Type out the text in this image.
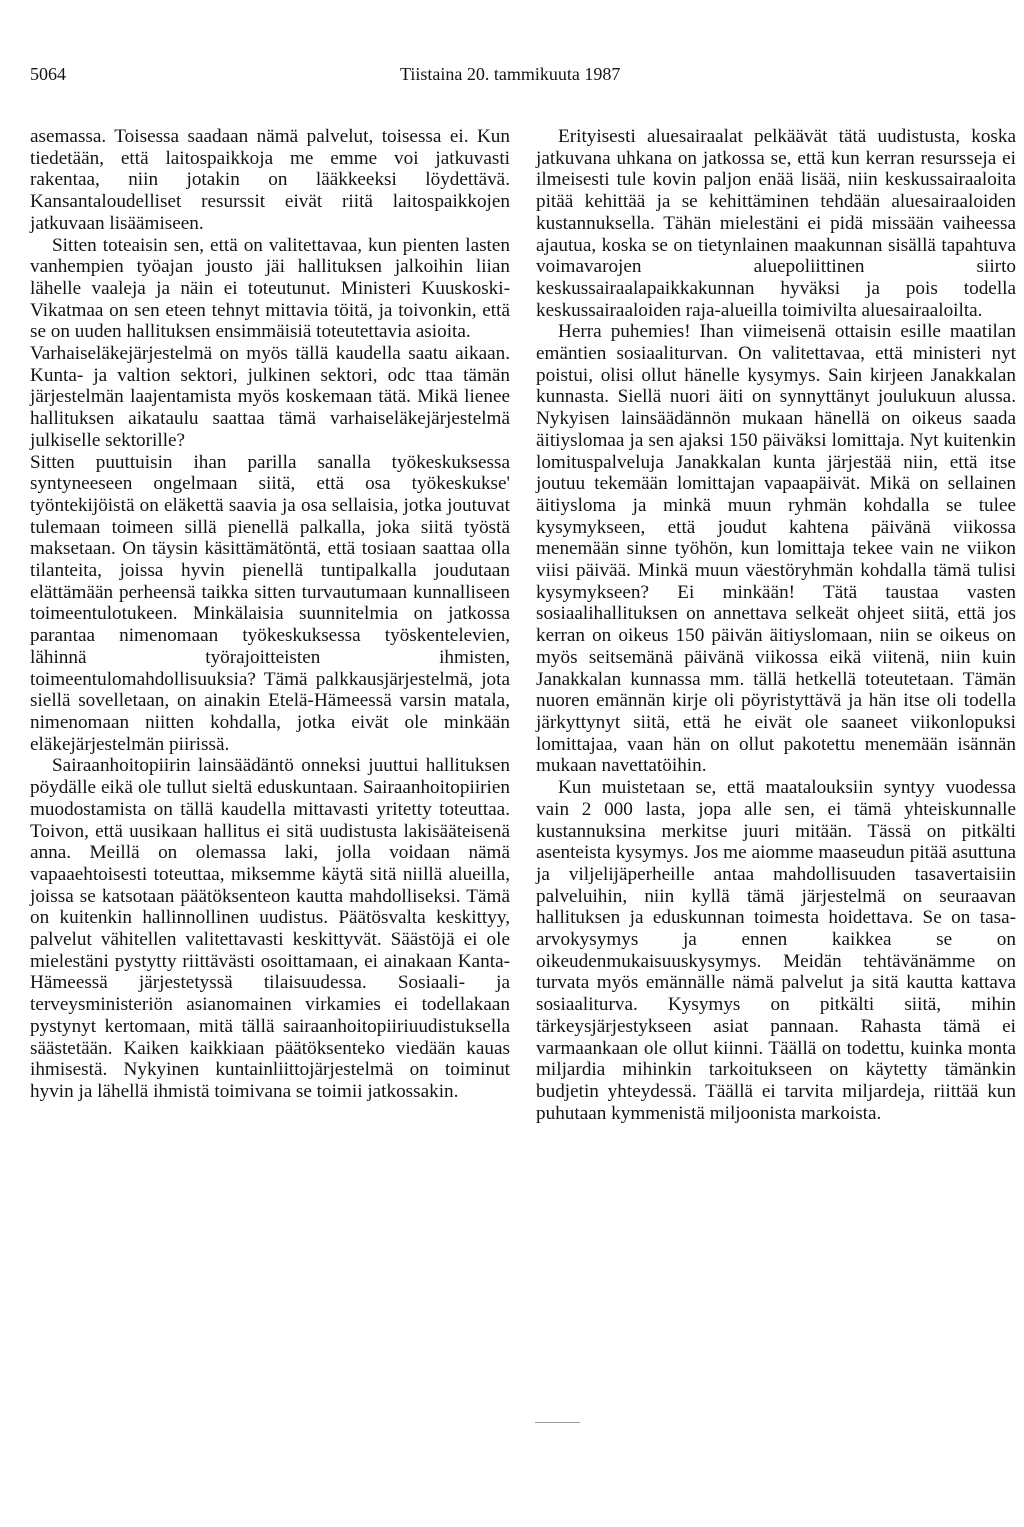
5064	Tiistaina 20. tammikuuta 1987

asemassa. Toisessa saadaan nämä palvelut, toisessa ei. Kun tiedetään, että laitospaikkoja me emme voi jatkuvasti rakentaa, niin jotakin on lääkkeeksi löydettävä. Kansantaloudelliset resurssit eivät riitä laitospaikkojen jatkuvaan lisäämiseen.

Sitten toteaisin sen, että on valitettavaa, kun pienten lasten vanhempien työajan jousto jäi hallituksen jalkoihin liian lähelle vaaleja ja näin ei toteutunut. Ministeri Kuuskoski-Vikatmaa on sen eteen tehnyt mittavia töitä, ja toivonkin, että se on uuden hallituksen ensimmäisiä toteutettavia asioita.

Varhaiseläkejärjestelmä on myös tällä kaudella saatu aikaan. Kunta- ja valtion sektori, julkinen sektori, odc ttaa tämän järjestelmän laajentamista myös koskemaan tätä. Mikä lienee hallituksen aikataulu saattaa tämä varhaiseläkejärjestelmä julkiselle sektorille?

Sitten puuttuisin ihan parilla sanalla työkeskuksessa syntyneeseen ongelmaan siitä, että osa työkeskukse' työntekijöistä on eläkettä saavia ja osa sellaisia, jotka joutuvat tulemaan toimeen sillä pienellä palkalla, joka siitä työstä maksetaan. On täysin käsittämätöntä, että tosiaan saattaa olla tilanteita, joissa hyvin pienellä tuntipalkalla joudutaan elättämään perheensä taikka sitten turvautumaan kunnalliseen toimeentulotukeen. Minkälaisia suunnitelmia on jatkossa parantaa nimenomaan työkeskuksessa työskentelevien, lähinnä työrajoitteisten ihmisten, toimeentulomahdollisuuksia? Tämä palkkausjärjestelmä, jota siellä sovelletaan, on ainakin Etelä-Hämeessä varsin matala, nimenomaan niitten kohdalla, jotka eivät ole minkään eläkejärjestelmän piirissä.

Sairaanhoitopiirin lainsäädäntö onneksi juuttui hallituksen pöydälle eikä ole tullut sieltä eduskuntaan. Sairaanhoitopiirien muodostamista on tällä kaudella mittavasti yritetty toteuttaa. Toivon, että uusikaan hallitus ei sitä uudistusta lakisääteisenä anna. Meillä on olemassa laki, jolla voidaan nämä vapaaehtoisesti toteuttaa, miksemme käytä sitä niillä alueilla, joissa se katsotaan päätöksenteon kautta mahdolliseksi. Tämä on kuitenkin hallinnollinen uudistus. Päätösvalta keskittyy, palvelut vähitellen valitettavasti keskittyvät. Säästöjä ei ole mielestäni pystytty riittävästi osoittamaan, ei ainakaan Kanta-Hämeessä järjestetyssä tilaisuudessa. Sosiaali- ja terveysministeriön asianomainen virkamies ei todellakaan pystynyt kertomaan, mitä tällä sairaanhoitopiiriuudistuksella säästetään. Kaiken kaikkiaan päätöksenteko viedään kauas ihmisestä. Nykyinen kuntainliittojärjestelmä on toiminut hyvin ja lähellä ihmistä toimivana se toimii jatkossakin.

Erityisesti aluesairaalat pelkäävät tätä uudistusta, koska jatkuvana uhkana on jatkossa se, että kun kerran resursseja ei ilmeisesti tule kovin paljon enää lisää, niin keskussairaaloita pitää kehittää ja se kehittäminen tehdään aluesairaaloiden kustannuksella. Tähän mielestäni ei pidä missään vaiheessa ajautua, koska se on tietynlainen maakunnan sisällä tapahtuva voimavarojen aluepoliittinen siirto keskussairaalapaikkakunnan hyväksi ja pois todella keskussairaaloiden raja-alueilla toimivilta aluesairaaloilta.

Herra puhemies! Ihan viimeisenä ottaisin esille maatilan emäntien sosiaaliturvan. On valitettavaa, että ministeri nyt poistui, olisi ollut hänelle kysymys. Sain kirjeen Janakkalan kunnasta. Siellä nuori äiti on synnyttänyt joulukuun alussa. Nykyisen lainsäädännön mukaan hänellä on oikeus saada äitiyslomaa ja sen ajaksi 150 päiväksi lomittaja. Nyt kuitenkin lomituspalveluja Janakkalan kunta järjestää niin, että itse joutuu tekemään lomittajan vapaapäivät. Mikä on sellainen äitiysloma ja minkä muun ryhmän kohdalla se tulee kysymykseen, että joudut kahtena päivänä viikossa menemään sinne työhön, kun lomittaja tekee vain ne viikon viisi päivää. Minkä muun väestöryhmän kohdalla tämä tulisi kysymykseen? Ei minkään! Tätä taustaa vasten sosiaalihallituksen on annettava selkeät ohjeet siitä, että jos kerran on oikeus 150 päivän äitiyslomaan, niin se oikeus on myös seitsemänä päivänä viikossa eikä viitenä, niin kuin Janakkalan kunnassa mm. tällä hetkellä toteutetaan. Tämän nuoren emännän kirje oli pöyristyttävä ja hän itse oli todella järkyttynyt siitä, että he eivät ole saaneet viikonlopuksi lomittajaa, vaan hän on ollut pakotettu menemään isännän mukaan navettatöihin.

Kun muistetaan se, että maatalouksiin syntyy vuodessa vain 2 000 lasta, jopa alle sen, ei tämä yhteiskunnalle kustannuksina merkitse juuri mitään. Tässä on pitkälti asenteista kysymys. Jos me aiomme maaseudun pitää asuttuna ja viljelijäperheille antaa mahdollisuuden tasavertaisiin palveluihin, niin kyllä tämä järjestelmä on seuraavan hallituksen ja eduskunnan toimesta hoidettava. Se on tasa-arvokysymys ja ennen kaikkea se on oikeudenmukaisuuskysymys. Meidän tehtävänämme on turvata myös emännälle nämä palvelut ja sitä kautta kattava sosiaaliturva. Kysymys on pitkälti siitä, mihin tärkeysjärjestykseen asiat pannaan. Rahasta tämä ei varmaankaan ole ollut kiinni. Täällä on todettu, kuinka monta miljardia mihinkin tarkoitukseen on käytetty tämänkin budjetin yhteydessä. Täällä ei tarvita miljardeja, riittää kun puhutaan kymmenistä miljoonista markoista.
